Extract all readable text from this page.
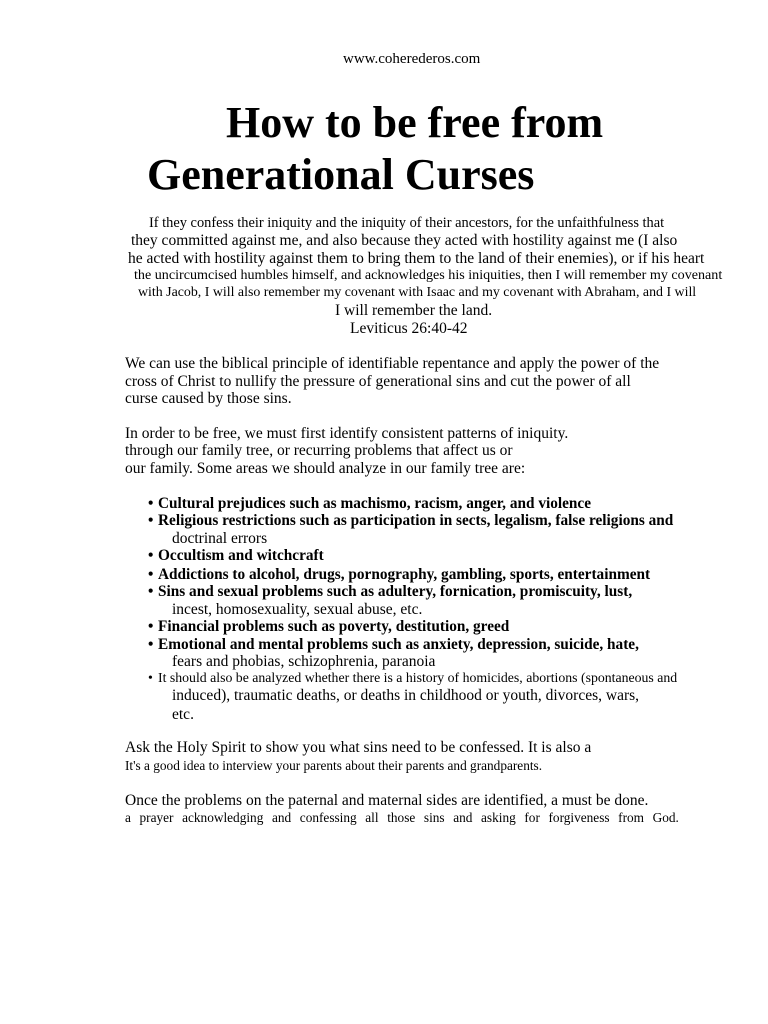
www.coherederos.com
How to be free from
Generational Curses
If they confess their iniquity and the iniquity of their ancestors, for the unfaithfulness that
they committed against me, and also because they acted with hostility against me (I also
he acted with hostility against them to bring them to the land of their enemies), or if his heart
the uncircumcised humbles himself, and acknowledges his iniquities, then I will remember my covenant
with Jacob, I will also remember my covenant with Isaac and my covenant with Abraham, and I will
I will remember the land.
Leviticus 26:40-42
We can use the biblical principle of identifiable repentance and apply the power of the
cross of Christ to nullify the pressure of generational sins and cut the power of all
curse caused by those sins.
In order to be free, we must first identify consistent patterns of iniquity.
through our family tree, or recurring problems that affect us or
our family. Some areas we should analyze in our family tree are:
• Cultural prejudices such as machismo, racism, anger, and violence
• Religious restrictions such as participation in sects, legalism, false religions and
doctrinal errors
• Occultism and witchcraft
• Addictions to alcohol, drugs, pornography, gambling, sports, entertainment
• Sins and sexual problems such as adultery, fornication, promiscuity, lust,
incest, homosexuality, sexual abuse, etc.
• Financial problems such as poverty, destitution, greed
• Emotional and mental problems such as anxiety, depression, suicide, hate,
fears and phobias, schizophrenia, paranoia
• It should also be analyzed whether there is a history of homicides, abortions (spontaneous and
induced), traumatic deaths, or deaths in childhood or youth, divorces, wars,
etc.
Ask the Holy Spirit to show you what sins need to be confessed. It is also a
It's a good idea to interview your parents about their parents and grandparents.
Once the problems on the paternal and maternal sides are identified, a must be done.
a prayer acknowledging and confessing all those sins and asking for forgiveness from God.
